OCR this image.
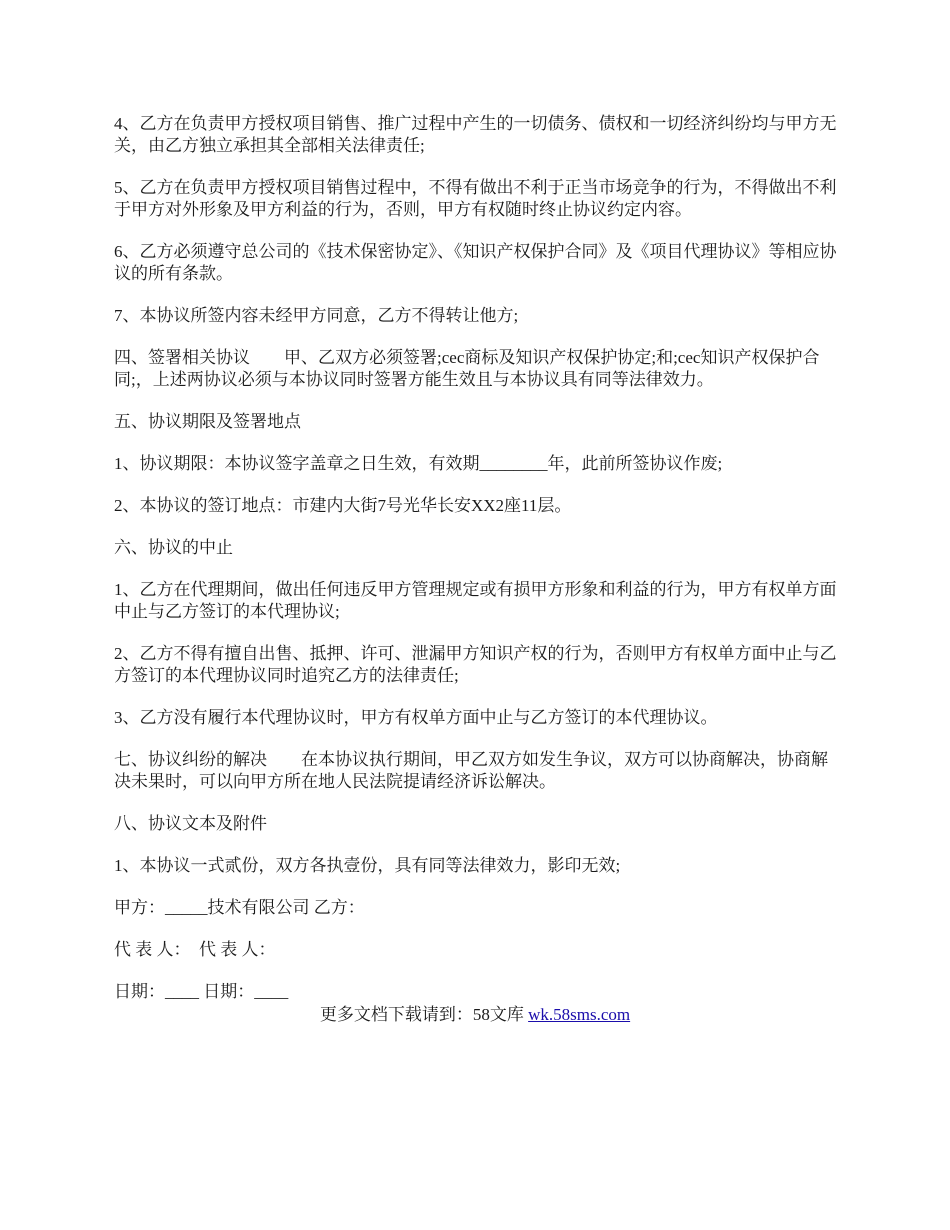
4、乙方在负责甲方授权项目销售、推广过程中产生的一切债务、债权和一切经济纠纷均与甲方无关，由乙方独立承担其全部相关法律责任;

5、乙方在负责甲方授权项目销售过程中，不得有做出不利于正当市场竞争的行为，不得做出不利于甲方对外形象及甲方利益的行为，否则，甲方有权随时终止协议约定内容。

6、乙方必须遵守总公司的《技术保密协定》、《知识产权保护合同》及《项目代理协议》等相应协议的所有条款。

7、本协议所签内容未经甲方同意，乙方不得转让他方;

四、签署相关协议　　甲、乙双方必须签署;cec商标及知识产权保护协定;和;cec知识产权保护合同;，上述两协议必须与本协议同时签署方能生效且与本协议具有同等法律效力。

五、协议期限及签署地点

1、协议期限：本协议签字盖章之日生效，有效期________年，此前所签协议作废;

2、本协议的签订地点：市建内大街7号光华长安XX2座11层。

六、协议的中止

1、乙方在代理期间，做出任何违反甲方管理规定或有损甲方形象和利益的行为，甲方有权单方面中止与乙方签订的本代理协议;

2、乙方不得有擅自出售、抵押、许可、泄漏甲方知识产权的行为，否则甲方有权单方面中止与乙方签订的本代理协议同时追究乙方的法律责任;

3、乙方没有履行本代理协议时，甲方有权单方面中止与乙方签订的本代理协议。

七、协议纠纷的解决　　在本协议执行期间，甲乙双方如发生争议，双方可以协商解决，协商解决未果时，可以向甲方所在地人民法院提请经济诉讼解决。

八、协议文本及附件

1、本协议一式贰份，双方各执壹份，具有同等法律效力，影印无效;

甲方：_____技术有限公司 乙方：

代 表 人：  代 表 人：

日期：____ 日期：____

更多文档下载请到：58文库 wk.58sms.com
